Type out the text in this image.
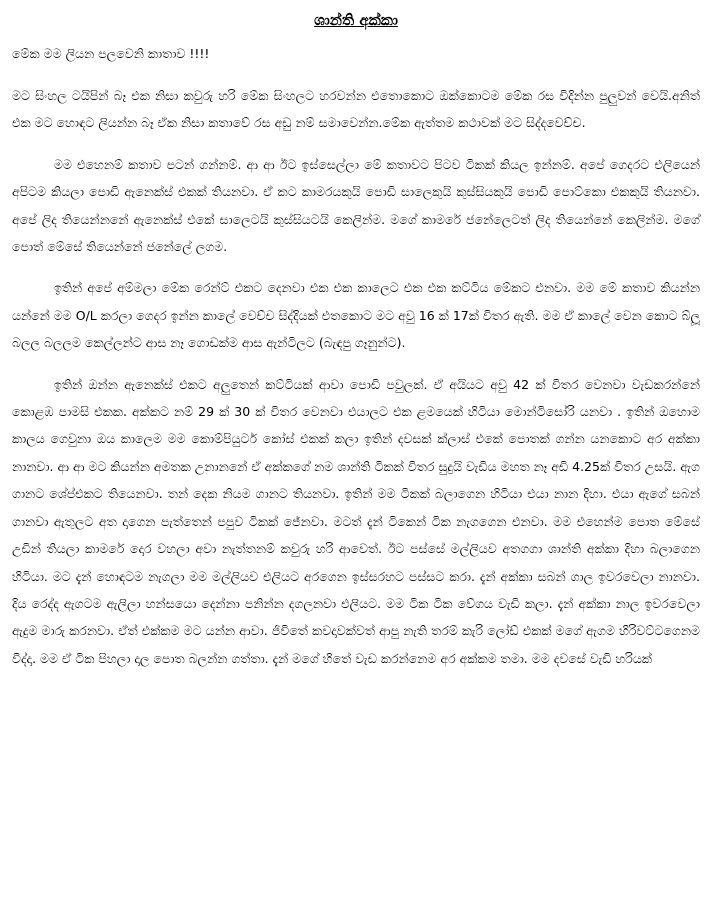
ශාන්ති අක්කා
මේක මම ලියන පලවෙනි කාතාව !!!!
මට සිංහල ටයිපින් බෑ එක නිසා කවුරු හරි මේක සිංහලට හරවන්න එතොකොට ඔක්කොටම මේක රස විදින්න පුලුවන් වෙයි.අනිත් එක මට හොඳට ලියන්න බෑ ඒක නිසා කතාවේ රස අඩු නම් සමාවෙන්න.මේක ඇත්තම කථාවක් මට සිද්දවෙච්ච.
මම එහෙනම් කතාව පටන් ගන්නම්. ආ ආ ඊට ඉස්සෙල්ලා මේ කතාවට පිටව ටිකක් කියල ඉන්නම්. අපේ ගෙදරට එලියෙන් අපිටම කියලා පොඩි ඇනෙක්ස් එකක් තියනවා. ඒ කට කාමරයකුයි පොඩි සාලෙකුයි කුස්සියකුයි පොඩි පොට්කො එකකුයි තියනවා. අපේ ලිද තියෙන්නනේ ඇනෙක්ස් එකේ සාලෙටයි කුස්සියටයි කෙලින්ම. මගේ කාමරේ ජනේලෙටත් ලිද තියෙන්නේ කෙලින්ම. මගේ පොත් මේසේ තියෙන්නේ ජනේලේ ලගම.
ඉතින් අපේ අම්මලා මේක රෙන්ට් එකට දෙනවා එක එක කාලෙට එක එක කට්ටිය මේකට එනවා. මම මේ කතාව කියන්න යන්නේ මම O/L කරලා ගෙදර ඉන්න කාලේ වෙච්ච සිද්දියක් එතකොට මට අවු 16 ක් 17ක් විතර ඇති. මම ඒ කාලේ වෙන කොට බ්ලූ බලල බලලම කෙල්ලන්ට ආස නෑ ගොඩක්ම ආස ඇන්ටිලට (බැඳපු ගෑනුන්ට).
ඉතින් ඔන්න ඇනෙක්ස් එකට අලුතෙන් කට්ටියක් ආවා පොඩි පවුලක්. ඒ අයියට අවු 42 ක් විතර වෙනවා වැඩකරන්නේ කොළඹ පාමසි එකක. අක්කට නම් 29 ක් 30 ක් විතර වෙනවා එයාලට එක ළමයෙක් හිටියා මොන්ටිසෝරි යනවා . ඉතින් ඔහොම කාලය ගෙවුනා ඔය කාලෙම මම කොම්පියුටර් කෝස් එකක් කලා ඉතින් දවසක් ක්ලාස් එකේ පොතක් ගන්න යනකොට අර අක්කා නානවා. ආ ආ මට කියන්න අමතක උනානනේ ඒ අක්කගේ නම ශාන්ති ටිකක් විතර සුදුයි වැඩිය මහත නෑ අඩි 4.25ක් විතර උසයි. ඇග ගානට ශේප්එකට තියෙනවා. තන් දෙක නියම ගානට තියනවා. ඉතින් මම ටිකක් බලාගෙන හිටියා එයා නාන දිහා. එයා ඇගේ සබන් ගානවා ඇතුලට අත දාගෙන පැත්තෙන් පපුව ටිකක් ජේනවා. මටත් දැන් ටිකෙන් ටික නැගගෙන එනවා. මම එහෙන්ම පොත මේසේ උඩින් තියලා කාමරේ දොර වහලා අවා නැත්තනම් කවුරු හරි ආවෙත්. ඊට පස්සේ මල්ලියව අතගගා ශාන්ති අක්කා දිහා බලාගෙන හිටියා. මට දැන් හොඳටම නැගලා මම මල්ලියව එලියට අරගෙන ඉස්සරහට පස්සට කරා. දැන් අක්කා සබන් ගාල ඉවරවෙලා නානවා. දිය රෙද්ද ඇගටම ඇලිලා හන්සයො දෙන්නා පනින්න දගලනවා එලියට. මම ටික ටික වේගය වැඩි කලා. දැන් අක්කා නාල ඉවරවෙලා ඇදුම මාරු කරනවා. ඒත් එක්කම මට යන්න ආවා. ජිවිතේ කවදාවක්වත් ආපු නැති තරම් කැරි ලෝඩ් එකක් මගේ ඇගම හිරිවට්ටගෙනම විද්දා. මම ඒ ටික පිහලා දාල පොත බලන්න ගත්තා. දැන් මගේ හිතේ වැඩ කරන්නෙම අර අක්කම තමා. මම දවසේ වැඩි හරියක්
